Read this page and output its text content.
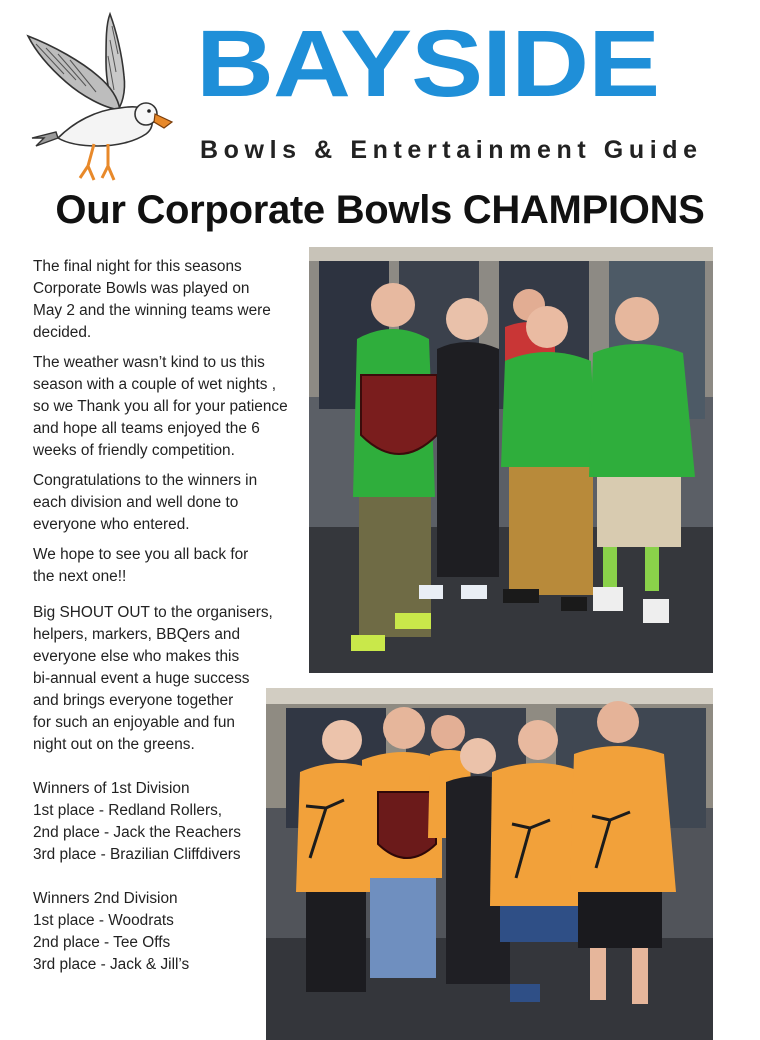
BAYSIDE
Bowls & Entertainment Guide
Our Corporate Bowls CHAMPIONS

The final night for this seasons Corporate Bowls was played on May 2 and the winning teams were decided.

The weather wasn’t kind to us this season with a couple of wet nights , so we Thank you all for your patience and hope all teams enjoyed the 6 weeks of friendly competition.

Congratulations to the winners in each division and well done to everyone who entered.

We hope to see you all back for the next one!!

Big SHOUT OUT to the organisers, helpers, markers, BBQers and everyone else who makes this
bi-annual event a huge success and brings everyone together for such an enjoyable and fun night out on the greens.

Winners of 1st Division
1st place - Redland Rollers,
2nd place - Jack the Reachers
3rd place - Brazilian Cliffdivers
Winners 2nd Division
1st place - Woodrats
2nd place - Tee Offs
3rd place - Jack & Jill’s
